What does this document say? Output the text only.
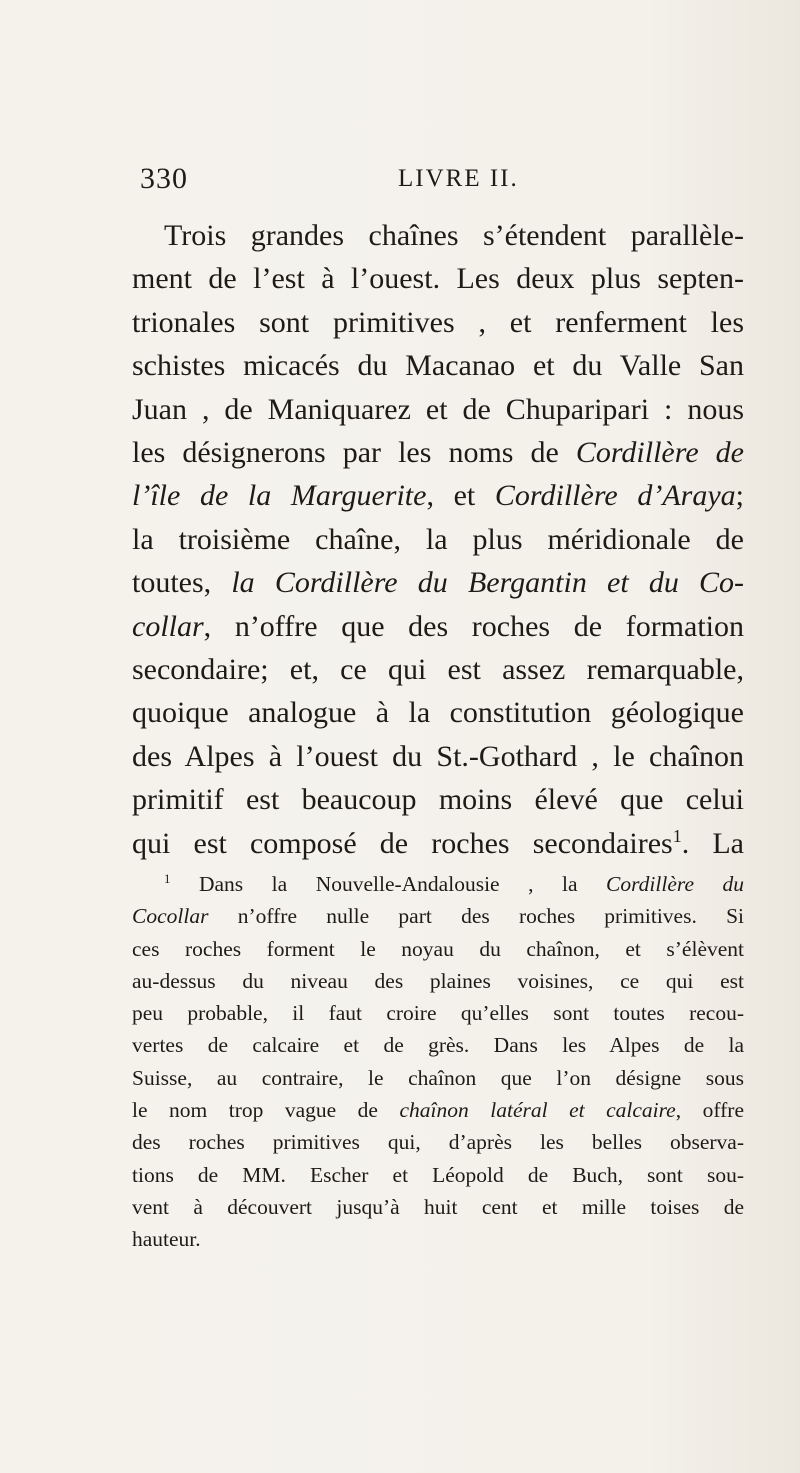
330	LIVRE II.
Trois grandes chaînes s’étendent parallèle-
ment de l’est à l’ouest. Les deux plus septen-
trionales sont primitives , et renferment les
schistes micacés du Macanao et du Valle San
Juan , de Maniquarez et de Chuparipari : nous
les désignerons par les noms de Cordillère de
l’île de la Marguerite, et Cordillère d’Araya;
la troisième chaîne, la plus méridionale de
toutes, la Cordillère du Bergantin et du Co-
collar, n’offre que des roches de formation
secondaire; et, ce qui est assez remarquable,
quoique analogue à la constitution géologique
des Alpes à l’ouest du St.-Gothard , le chaînon
primitif est beaucoup moins élevé que celui
qui est composé de roches secondaires$^1$. La
$^1$ Dans la Nouvelle-Andalousie , la Cordillère du
Cocollar n’offre nulle part des roches primitives. Si
ces roches forment le noyau du chaînon, et s’élèvent
au-dessus du niveau des plaines voisines, ce qui est
peu probable, il faut croire qu’elles sont toutes recou-
vertes de calcaire et de grès. Dans les Alpes de la
Suisse, au contraire, le chaînon que l’on désigne sous
le nom trop vague de chaînon latéral et calcaire, offre
des roches primitives qui, d’après les belles observa-
tions de MM. Escher et Léopold de Buch, sont sou-
vent à découvert jusqu’à huit cent et mille toises de
hauteur.
